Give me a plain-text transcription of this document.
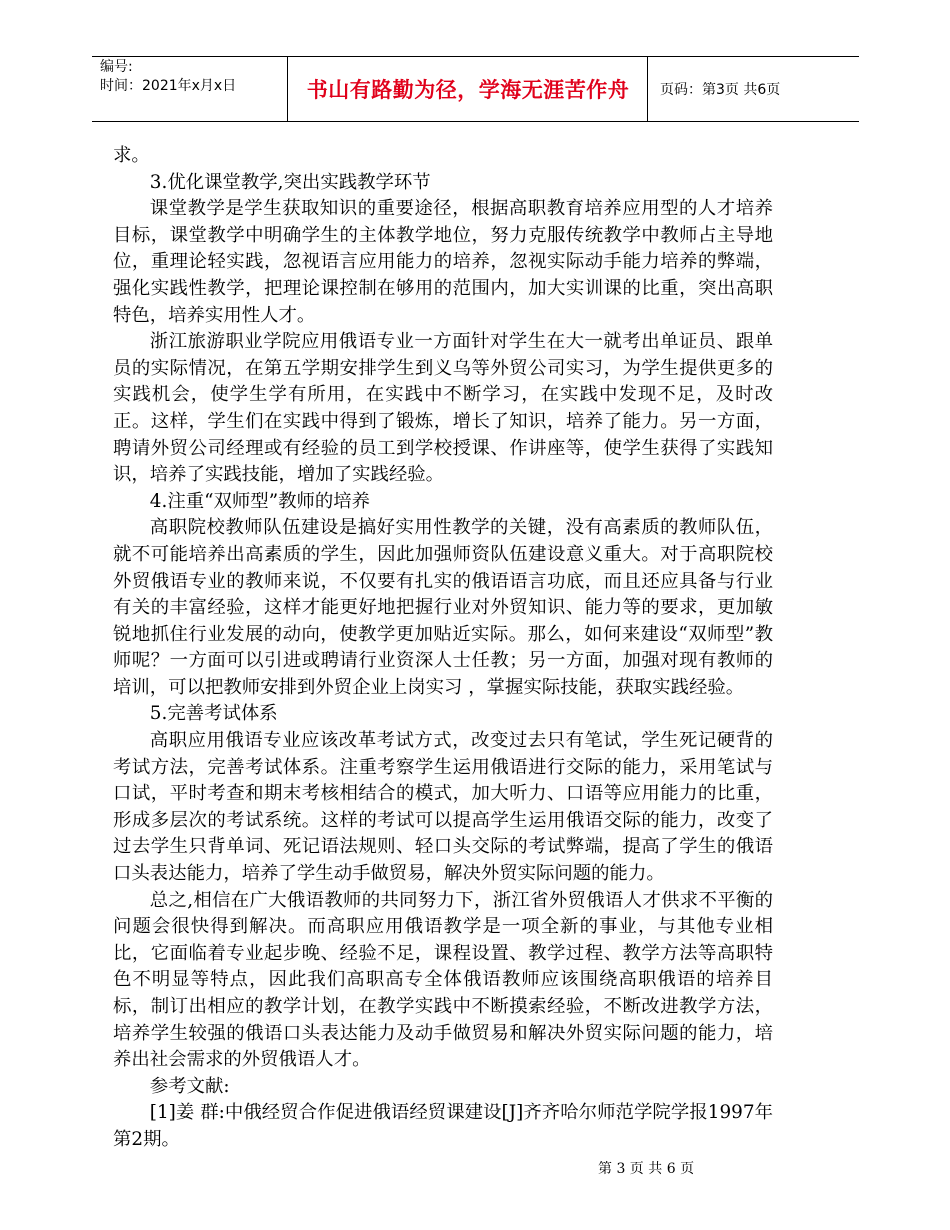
编号:
时间：2021年x月x日	书山有路勤为径，学海无涯苦作舟	页码：第3页 共6页

求。

3.优化课堂教学,突出实践教学环节

课堂教学是学生获取知识的重要途径，根据高职教育培养应用型的人才培养目标，课堂教学中明确学生的主体教学地位，努力克服传统教学中教师占主导地位，重理论轻实践，忽视语言应用能力的培养，忽视实际动手能力培养的弊端，强化实践性教学，把理论课控制在够用的范围内，加大实训课的比重，突出高职特色，培养实用性人才。

浙江旅游职业学院应用俄语专业一方面针对学生在大一就考出单证员、跟单员的实际情况，在第五学期安排学生到义乌等外贸公司实习，为学生提供更多的实践机会，使学生学有所用，在实践中不断学习，在实践中发现不足，及时改正。这样，学生们在实践中得到了锻炼，增长了知识，培养了能力。另一方面，聘请外贸公司经理或有经验的员工到学校授课、作讲座等，使学生获得了实践知识，培养了实践技能，增加了实践经验。

4.注重“双师型”教师的培养

高职院校教师队伍建设是搞好实用性教学的关键，没有高素质的教师队伍，就不可能培养出高素质的学生，因此加强师资队伍建设意义重大。对于高职院校外贸俄语专业的教师来说，不仅要有扎实的俄语语言功底，而且还应具备与行业有关的丰富经验，这样才能更好地把握行业对外贸知识、能力等的要求，更加敏锐地抓住行业发展的动向，使教学更加贴近实际。那么，如何来建设“双师型”教师呢？一方面可以引进或聘请行业资深人士任教；另一方面，加强对现有教师的培训，可以把教师安排到外贸企业上岗实习 ，掌握实际技能，获取实践经验。

5.完善考试体系

高职应用俄语专业应该改革考试方式，改变过去只有笔试，学生死记硬背的考试方法，完善考试体系。注重考察学生运用俄语进行交际的能力，采用笔试与口试，平时考查和期末考核相结合的模式，加大听力、口语等应用能力的比重，形成多层次的考试系统。这样的考试可以提高学生运用俄语交际的能力，改变了过去学生只背单词、死记语法规则、轻口头交际的考试弊端，提高了学生的俄语口头表达能力，培养了学生动手做贸易，解决外贸实际问题的能力。

总之,相信在广大俄语教师的共同努力下，浙江省外贸俄语人才供求不平衡的问题会很快得到解决。而高职应用俄语教学是一项全新的事业，与其他专业相比，它面临着专业起步晚、经验不足，课程设置、教学过程、教学方法等高职特色不明显等特点，因此我们高职高专全体俄语教师应该围绕高职俄语的培养目标，制订出相应的教学计划，在教学实践中不断摸索经验，不断改进教学方法，培养学生较强的俄语口头表达能力及动手做贸易和解决外贸实际问题的能力，培养出社会需求的外贸俄语人才。

参考文献:

[1]姜 群:中俄经贸合作促进俄语经贸课建设[J]齐齐哈尔师范学院学报1997年第2期。

第 3 页 共 6 页
